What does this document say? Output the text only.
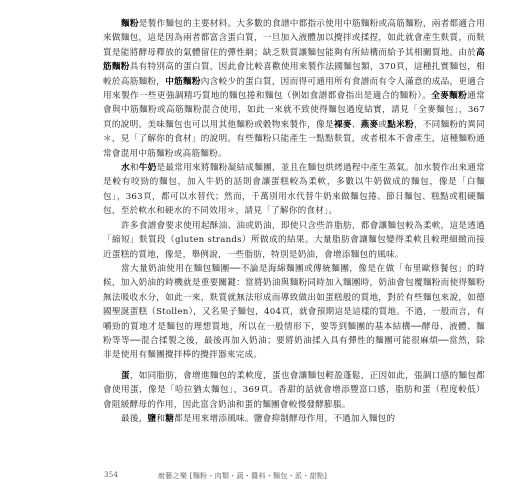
麵粉是製作麵包的主要材料。大多數的食譜中都指示使用中筋麵粉或高筋麵粉，兩者都適合用來做麵包，這是因為兩者都富含蛋白質，一旦加入液體加以攪拌或揉捏，如此就會產生麩質，而麩質是能將酵母釋放的氣體留住的彈性網；缺乏麩質讓麵包能夠有所結構而給予其相關質地。由於高筋麵粉具有特別高的蛋白質，因此會比較喜歡使用來製作法國麵包類，370頁，這種扎實麵包，相較於高筋麵粉，中筋麵粉內含較少的蛋白質，因而得可通用所有食譜而有令人滿意的成品，更適合用來製作一些更強調精巧質地的麵包捲和麵包（例如食譜都會指出是適合的麵粉）。全麥麵粉通常會與中筋麵粉或高筋麵粉混合使用，如此一來就不致使得麵包過度結實，請見「全麥麵包」，367頁的說明。美味麵包也可以用其他麵粉或穀物來製作，像是裸麥、燕麥或點米粉，不同麵粉的異同＊，見「了解你的食材」的說明。有些麵粉只能產生一點點麩質，或者根本不會產生，這種麵粉通常會混用中筋麵粉或高筋麵粉。

水和牛奶是最常用來將麵粉凝結成麵團，並且在麵包烘烤過程中產生蒸氣。加水製作出來通常是較有咬勁的麵包，加入牛奶的話則會讓蛋糕較為柔軟，多數以牛奶做成的麵包，像是「白麵包」，363頁，都可以水替代；然而，千萬別用水代替牛奶來做麵包捲、節日麵包、糕點或粗硬麵包，至於軟水和硬水的不同效用＊，請見「了解你的食材」。

許多食譜會要求使用起酥油、油或奶油，即使只含些許脂肪，都會讓麵包較為柔軟，這是透過「縮短」麩質段（gluten strands）所做成的結果。大量脂肪會讓麵包變得柔軟且較理細緻而接近蛋糕的質地，像是，舉例說，一些脂肪，特別是奶油，會增添麵包的風味。

當大量奶油使用在麵包麵團──不論是海綿麵團或傳統麵團，像是在做「布里歐修餐包」的時候，加入奶油的時機就是重要關鍵：當將奶油與麵粉同時加入麵團時，奶油會包覆麵粉而使得麵粉無法吸收水分，如此一來，麩質就無法形成而導致做出如蛋糕般的質地，對於有些麵包來說，如德國聖誕蛋糕（Stollen），又名果子麵包，404頁，就會預期這是這樣的質地。不過，一般而言，有嚼勁的質地才是麵包的理想質地，所以在一般情形下，要等到麵團的基本結構──酵母、液體、麵粉等等──混合揉製之後，最後再加入奶油；要將奶油揉入具有彈性的麵團可能很麻煩──當然，除非是使用有麵團攪拌棒的攪拌器來完成。

蛋，如同脂肪，會增進麵包的柔軟度，蛋也會讓麵包輕盈蓬鬆，正因如此，張調口感的麵包都會使用蛋，像是「哈拉猶太麵包」，369頁。香甜的話就會增添豐富口感，脂肪和蛋（程度較低）會阻緩酵母的作用，因此富含奶油和蛋的麵團會較慢發酵膨脹。

最後，鹽和糖都是用來增添風味。鹽會抑制酵母作用，不過加入麵包的

354	廚藝之樂 [麵粉・肉類・蔬・醬料・麵包・派・甜點]
